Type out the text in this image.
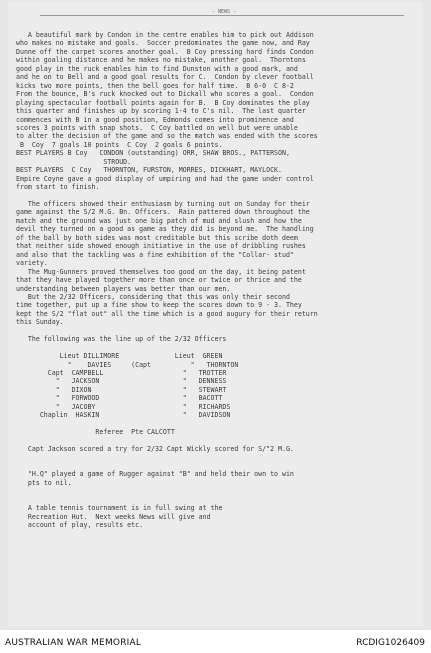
- NEWS -
A beautiful mark by Condon in the centre enables him to pick out Addison
who makes no mistake and goals.  Soccer predominates the game now, and Ray
Dunne off the carpet scores another goal.  B Coy pressing hard finds Condon
within goaling distance and he makes no mistake, another goal.  Thorntons
good play in the ruck enables him to find Dunston with a good mark, and
and he on to Bell and a good goal results for C.  Condon by clever football
kicks two more points, then the bell goes for half time.  B 6-0  C 8-2
From the bounce, B's ruck knocked out to Dickall who scores a goal.  Condon
playing spectacular football points again for B.  B Coy dominates the play
this quarter and finishes up by scoring 1-4 to C's nil.  The last quarter
commences with B in a good position, Edmonds comes into prominence and
scores 3 points with snap shots.  C Coy battled on well but were unable
to alter the decision of the game and so the match was ended with the scores
B  Coy  7 goals 10 points  C Coy  2 goals 6 points.
BEST PLAYERS B Coy   CONDON (outstanding) ORR, SHAW BROS., PATTERSON,
STROUD.
BEST PLAYERS  C Coy   THORNTON, FURSTON, MORRES, DICKHART, MAYLOCK.
Empire Coyne gave a good display of umpiring and had the game under control
from start to finish.
The officers showed their enthusiasm by turning out on Sunday for their
game against the S/2 M.G. Bn. Officers.  Rain pattered down throughout the
match and the ground was just one big patch of mud and slush and how the
devil they turned on a good as game as they did is beyond me.  The handling
of the ball by both sides was most creditable but this scribe doth deem
that neither side showed enough initiative in the use of dribbling rushes
and also that the tackling was a fine exhibition of the "Collar- stud"
variety.
The Mug-Gunners proved themselves too good on the day, it being patent
that they have played together more than once or twice or thrice and the
understanding between players was better than our men.
But the 2/32 Officers, considering that this was only their second
time together, put up a fine show to keep the scores down to 9 - 3. They
kept the S/2 "flat out" all the time which is a good augury for their return
this Sunday.
The following was the line up of the 2/32 Officers
Lieut DILLIMORE              Lieut  GREEN
"    DAVIES     (Capt          "   THORNTON
Capt  CAMPBELL                    "   TROTTER
"   JACKSON                     "   DENNESS
"   DIXON                       "   STEWART
"   FORWOOD                     "   BACOTT
"   JACOBY                      "   RICHARDS
Chaplin  HASKIN                     "   DAVIDSON
Referee  Pte CALCOTT
Capt Jackson scored a try for 2/32 Capt Wickly scored for S/"2 M.G.
"H.Q" played a game of Rugger against "B" and held their own to win
pts to nil.
A table tennis tournament is in full swing at the
Recreation Hut.  Next weeks News will give and
account of play, results etc.
AUSTRALIAN WAR MEMORIAL	RCDIG1026409
